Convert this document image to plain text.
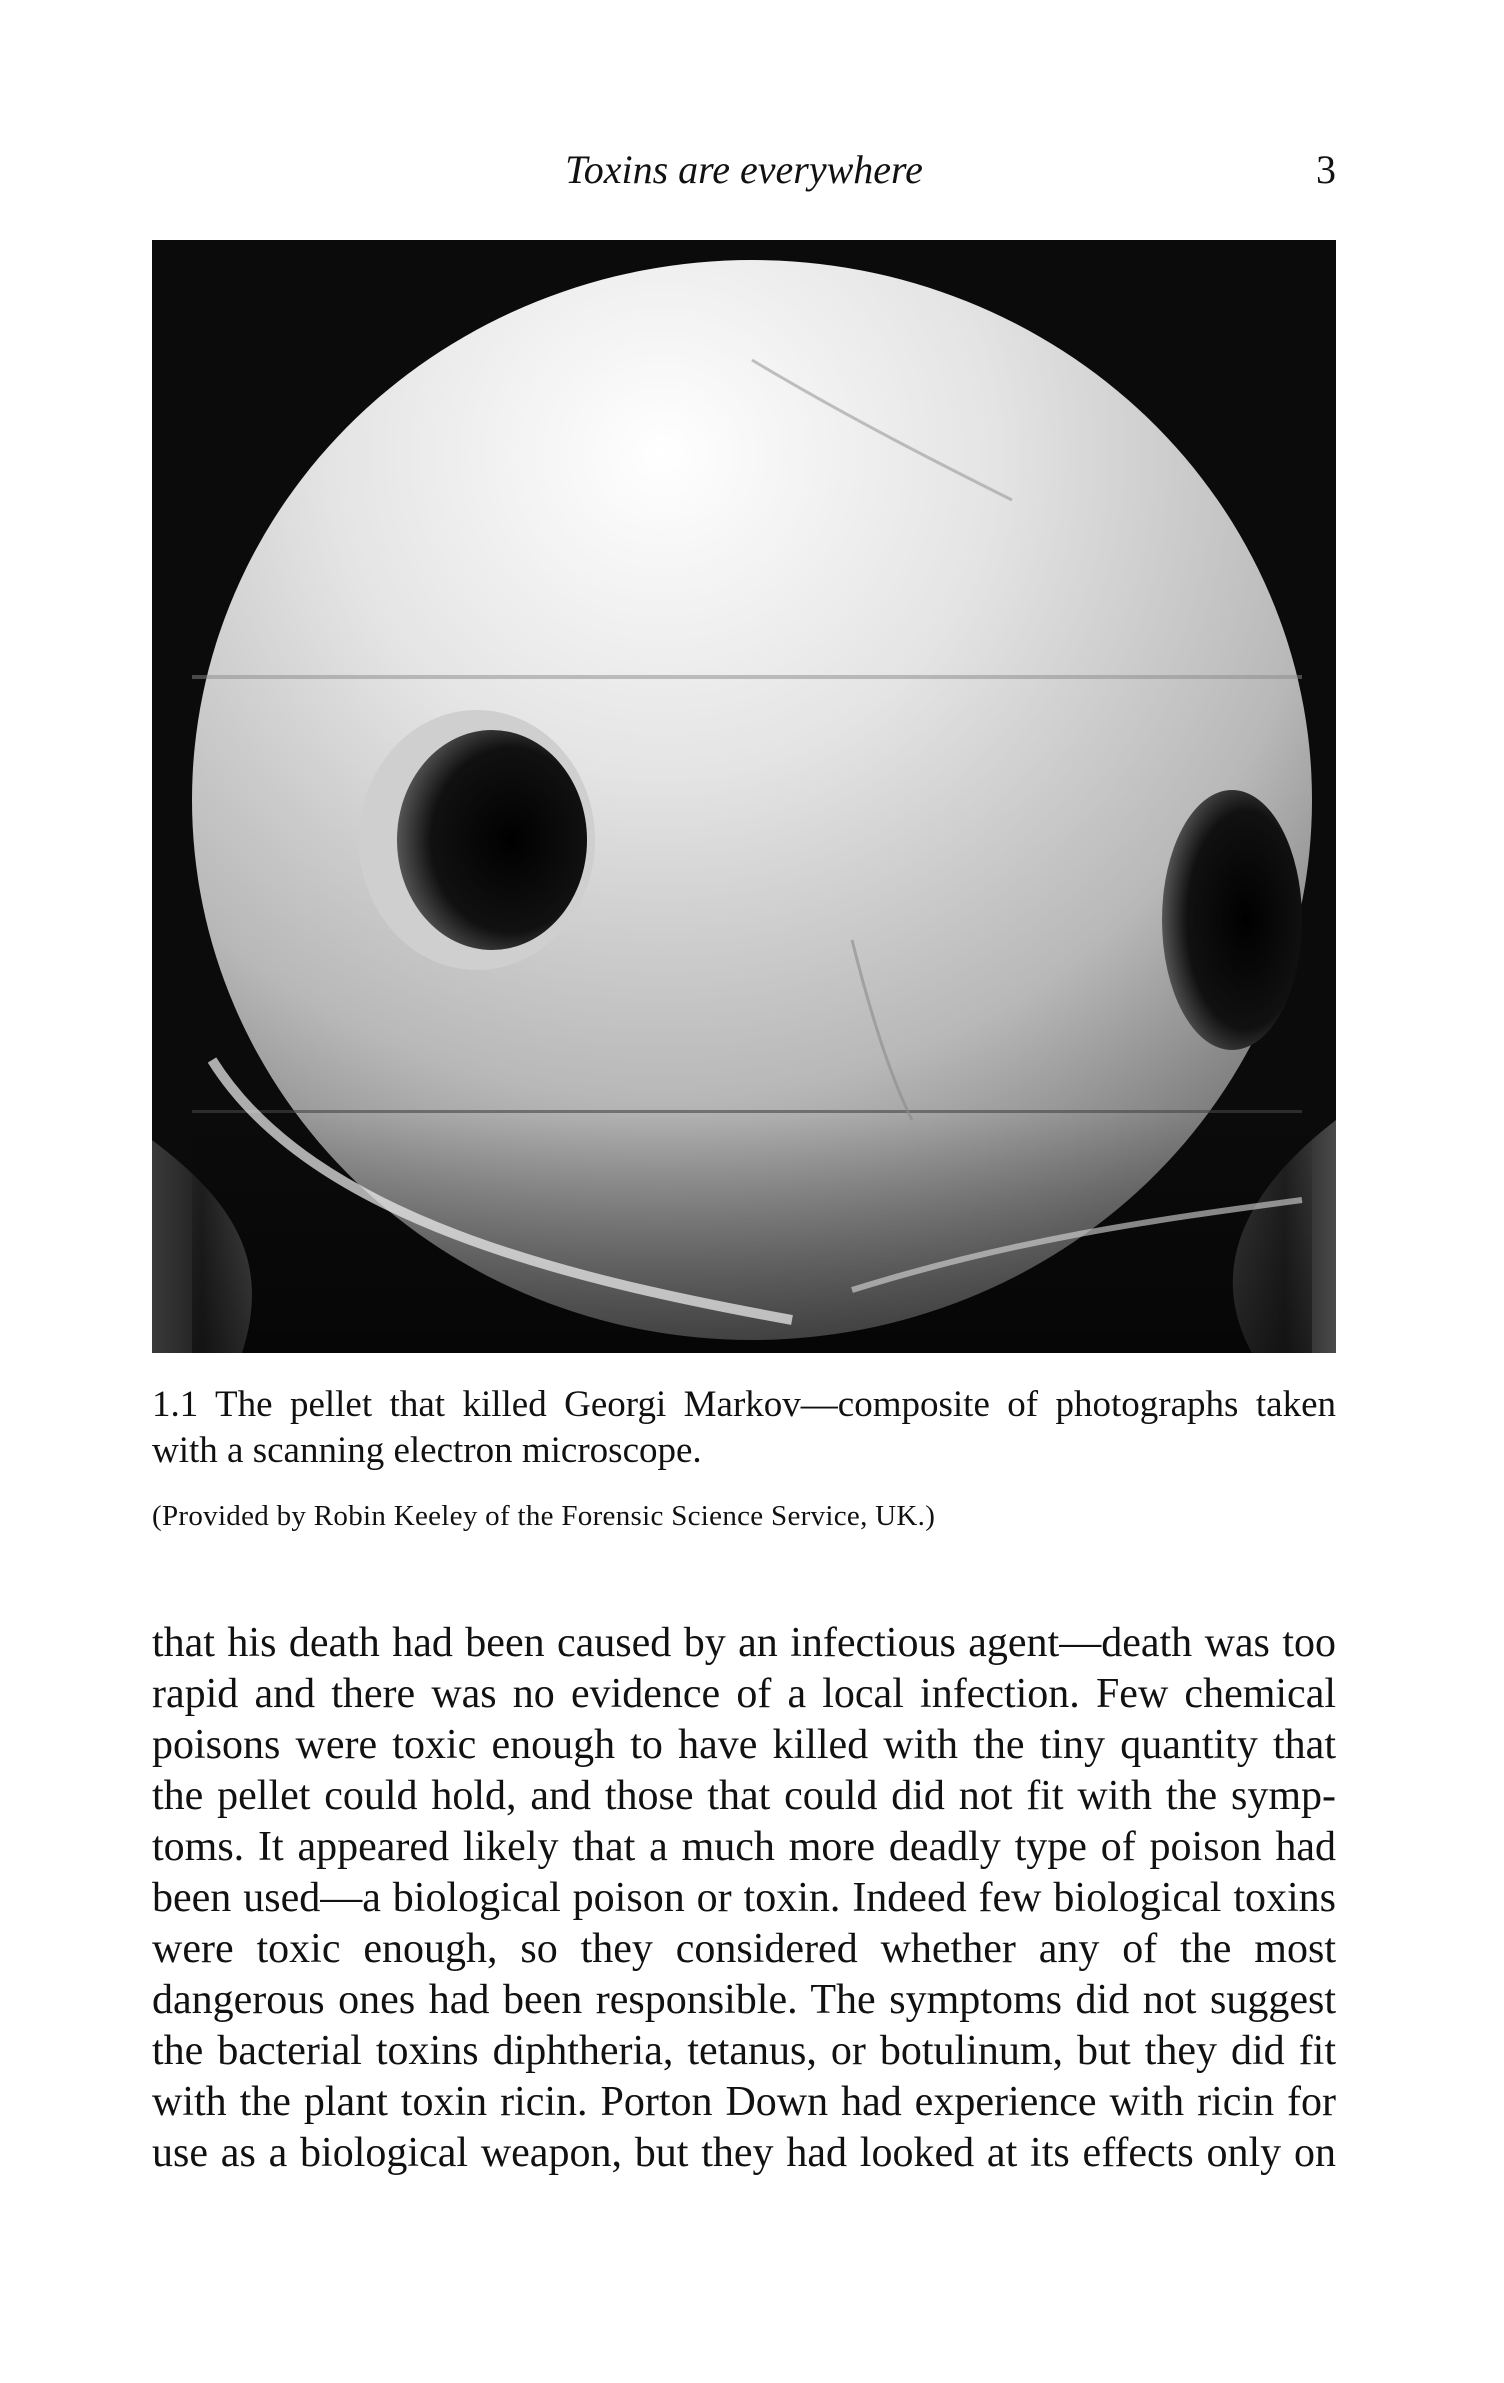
Toxins are everywhere	3
1.1 The pellet that killed Georgi Markov—composite of photographs taken
with a scanning electron microscope.
(Provided by Robin Keeley of the Forensic Science Service, UK.)
that his death had been caused by an infectious agent—death was too
rapid and there was no evidence of a local infection. Few chemical
poisons were toxic enough to have killed with the tiny quantity that
the pellet could hold, and those that could did not fit with the symp-
toms. It appeared likely that a much more deadly type of poison had
been used—a biological poison or toxin. Indeed few biological toxins
were toxic enough, so they considered whether any of the most
dangerous ones had been responsible. The symptoms did not suggest
the bacterial toxins diphtheria, tetanus, or botulinum, but they did fit
with the plant toxin ricin. Porton Down had experience with ricin for
use as a biological weapon, but they had looked at its effects only on
